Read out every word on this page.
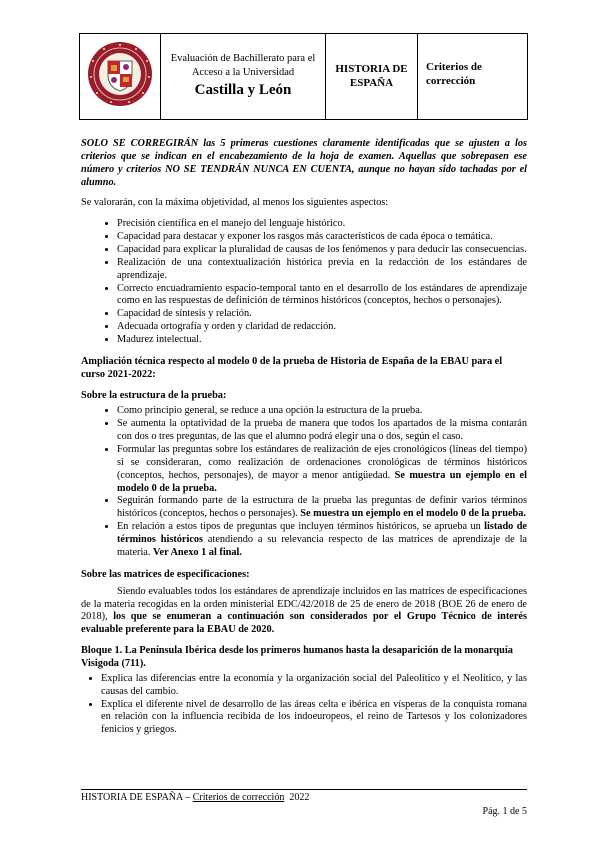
	Evaluación de Bachillerato para el
Acceso a la Universidad
Castilla y León
	HISTORIA DE
ESPAÑA	Criterios de
corrección

SOLO SE CORREGIRÁN las 5 primeras cuestiones claramente identificadas que se ajusten a los criterios que se indican en el encabezamiento de la hoja de examen. Aquellas que sobrepasen ese número y criterios NO SE TENDRÁN NUNCA EN CUENTA, aunque no hayan sido tachadas por el alumno.

Se valorarán, con la máxima objetividad, al menos los siguientes aspectos:

• Precisión científica en el manejo del lenguaje histórico.
• Capacidad para destacar y exponer los rasgos más característicos de cada época o temática.
• Capacidad para explicar la pluralidad de causas de los fenómenos y para deducir las consecuencias.
• Realización de una contextualización histórica previa en la redacción de los estándares de aprendizaje.
• Correcto encuadramiento espacio-temporal tanto en el desarrollo de los estándares de aprendizaje como en las respuestas de definición de términos históricos (conceptos, hechos o personajes).
• Capacidad de síntesis y relación.
• Adecuada ortografía y orden y claridad de redacción.
• Madurez intelectual.

Ampliación técnica respecto al modelo 0 de la prueba de Historia de España de la EBAU para el curso 2021-2022:

Sobre la estructura de la prueba:

• Como principio general, se reduce a una opción la estructura de la prueba.
• Se aumenta la optatividad de la prueba de manera que todos los apartados de la misma contarán con dos o tres preguntas, de las que el alumno podrá elegir una o dos, según el caso.
• Formular las preguntas sobre los estándares de realización de ejes cronológicos (líneas del tiempo) si se consideraran, como realización de ordenaciones cronológicas de términos históricos (conceptos, hechos, personajes), de mayor a menor antigüedad. Se muestra un ejemplo en el modelo 0 de la prueba.
• Seguirán formando parte de la estructura de la prueba las preguntas de definir varios términos históricos (conceptos, hechos o personajes). Se muestra un ejemplo en el modelo 0 de la prueba.
• En relación a estos tipos de preguntas que incluyen términos históricos, se aprueba un listado de términos históricos atendiendo a su relevancia respecto de las matrices de aprendizaje de la materia. Ver Anexo 1 al final.

Sobre las matrices de especificaciones:

Siendo evaluables todos los estándares de aprendizaje incluidos en las matrices de especificaciones de la materia recogidas en la orden ministerial EDC/42/2018 de 25 de enero de 2018 (BOE 26 de enero de 2018), los que se enumeran a continuación son considerados por el Grupo Técnico de interés evaluable preferente para la EBAU de 2020.

Bloque 1. La Península Ibérica desde los primeros humanos hasta la desaparición de la monarquía Visigoda (711).

• Explica las diferencias entre la economía y la organización social del Paleolítico y el Neolítico, y las causas del cambio.
• Explica el diferente nivel de desarrollo de las áreas celta e ibérica en vísperas de la conquista romana en relación con la influencia recibida de los indoeuropeos, el reino de Tartesos y los colonizadores fenicios y griegos.
HISTORIA DE ESPAÑA – Criterios de corrección  2022
Pág. 1 de 5
